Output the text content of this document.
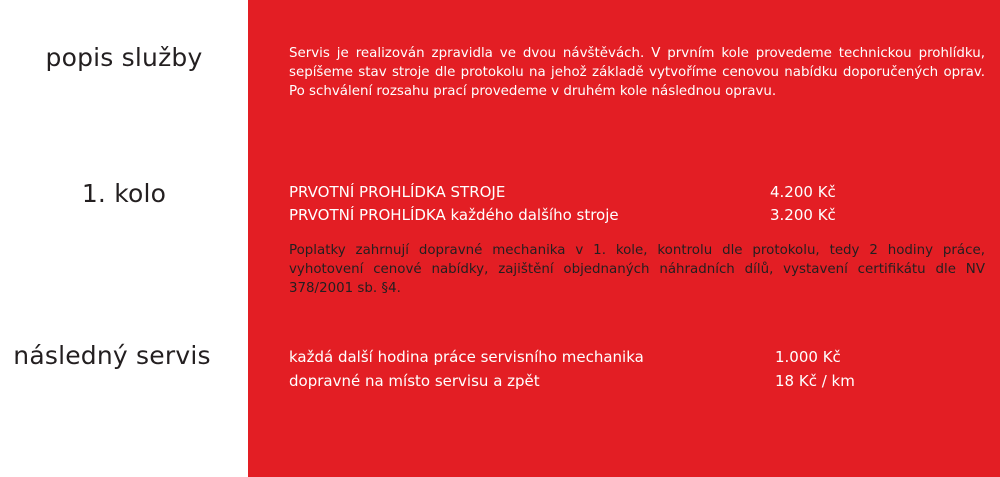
popis služby
1. kolo
následný servis
Servis je realizován zpravidla ve dvou návštěvách. V prvním kole provedeme technickou prohlídku, sepíšeme stav stroje dle protokolu na jehož základě vytvoříme cenovou nabídku doporučených oprav. Po schválení rozsahu prací provedeme v druhém kole následnou opravu.
PRVOTNÍ PROHLÍDKA STROJE	4.200 Kč
PRVOTNÍ PROHLÍDKA každého dalšího stroje	3.200 Kč
Poplatky zahrnují dopravné mechanika v 1. kole, kontrolu dle protokolu, tedy 2 hodiny práce, vyhotovení cenové nabídky, zajištění objednaných náhradních dílů, vystavení certifikátu dle NV 378/2001 sb. §4.
každá další hodina práce servisního mechanika	1.000 Kč
dopravné na místo servisu a zpět	18 Kč / km
